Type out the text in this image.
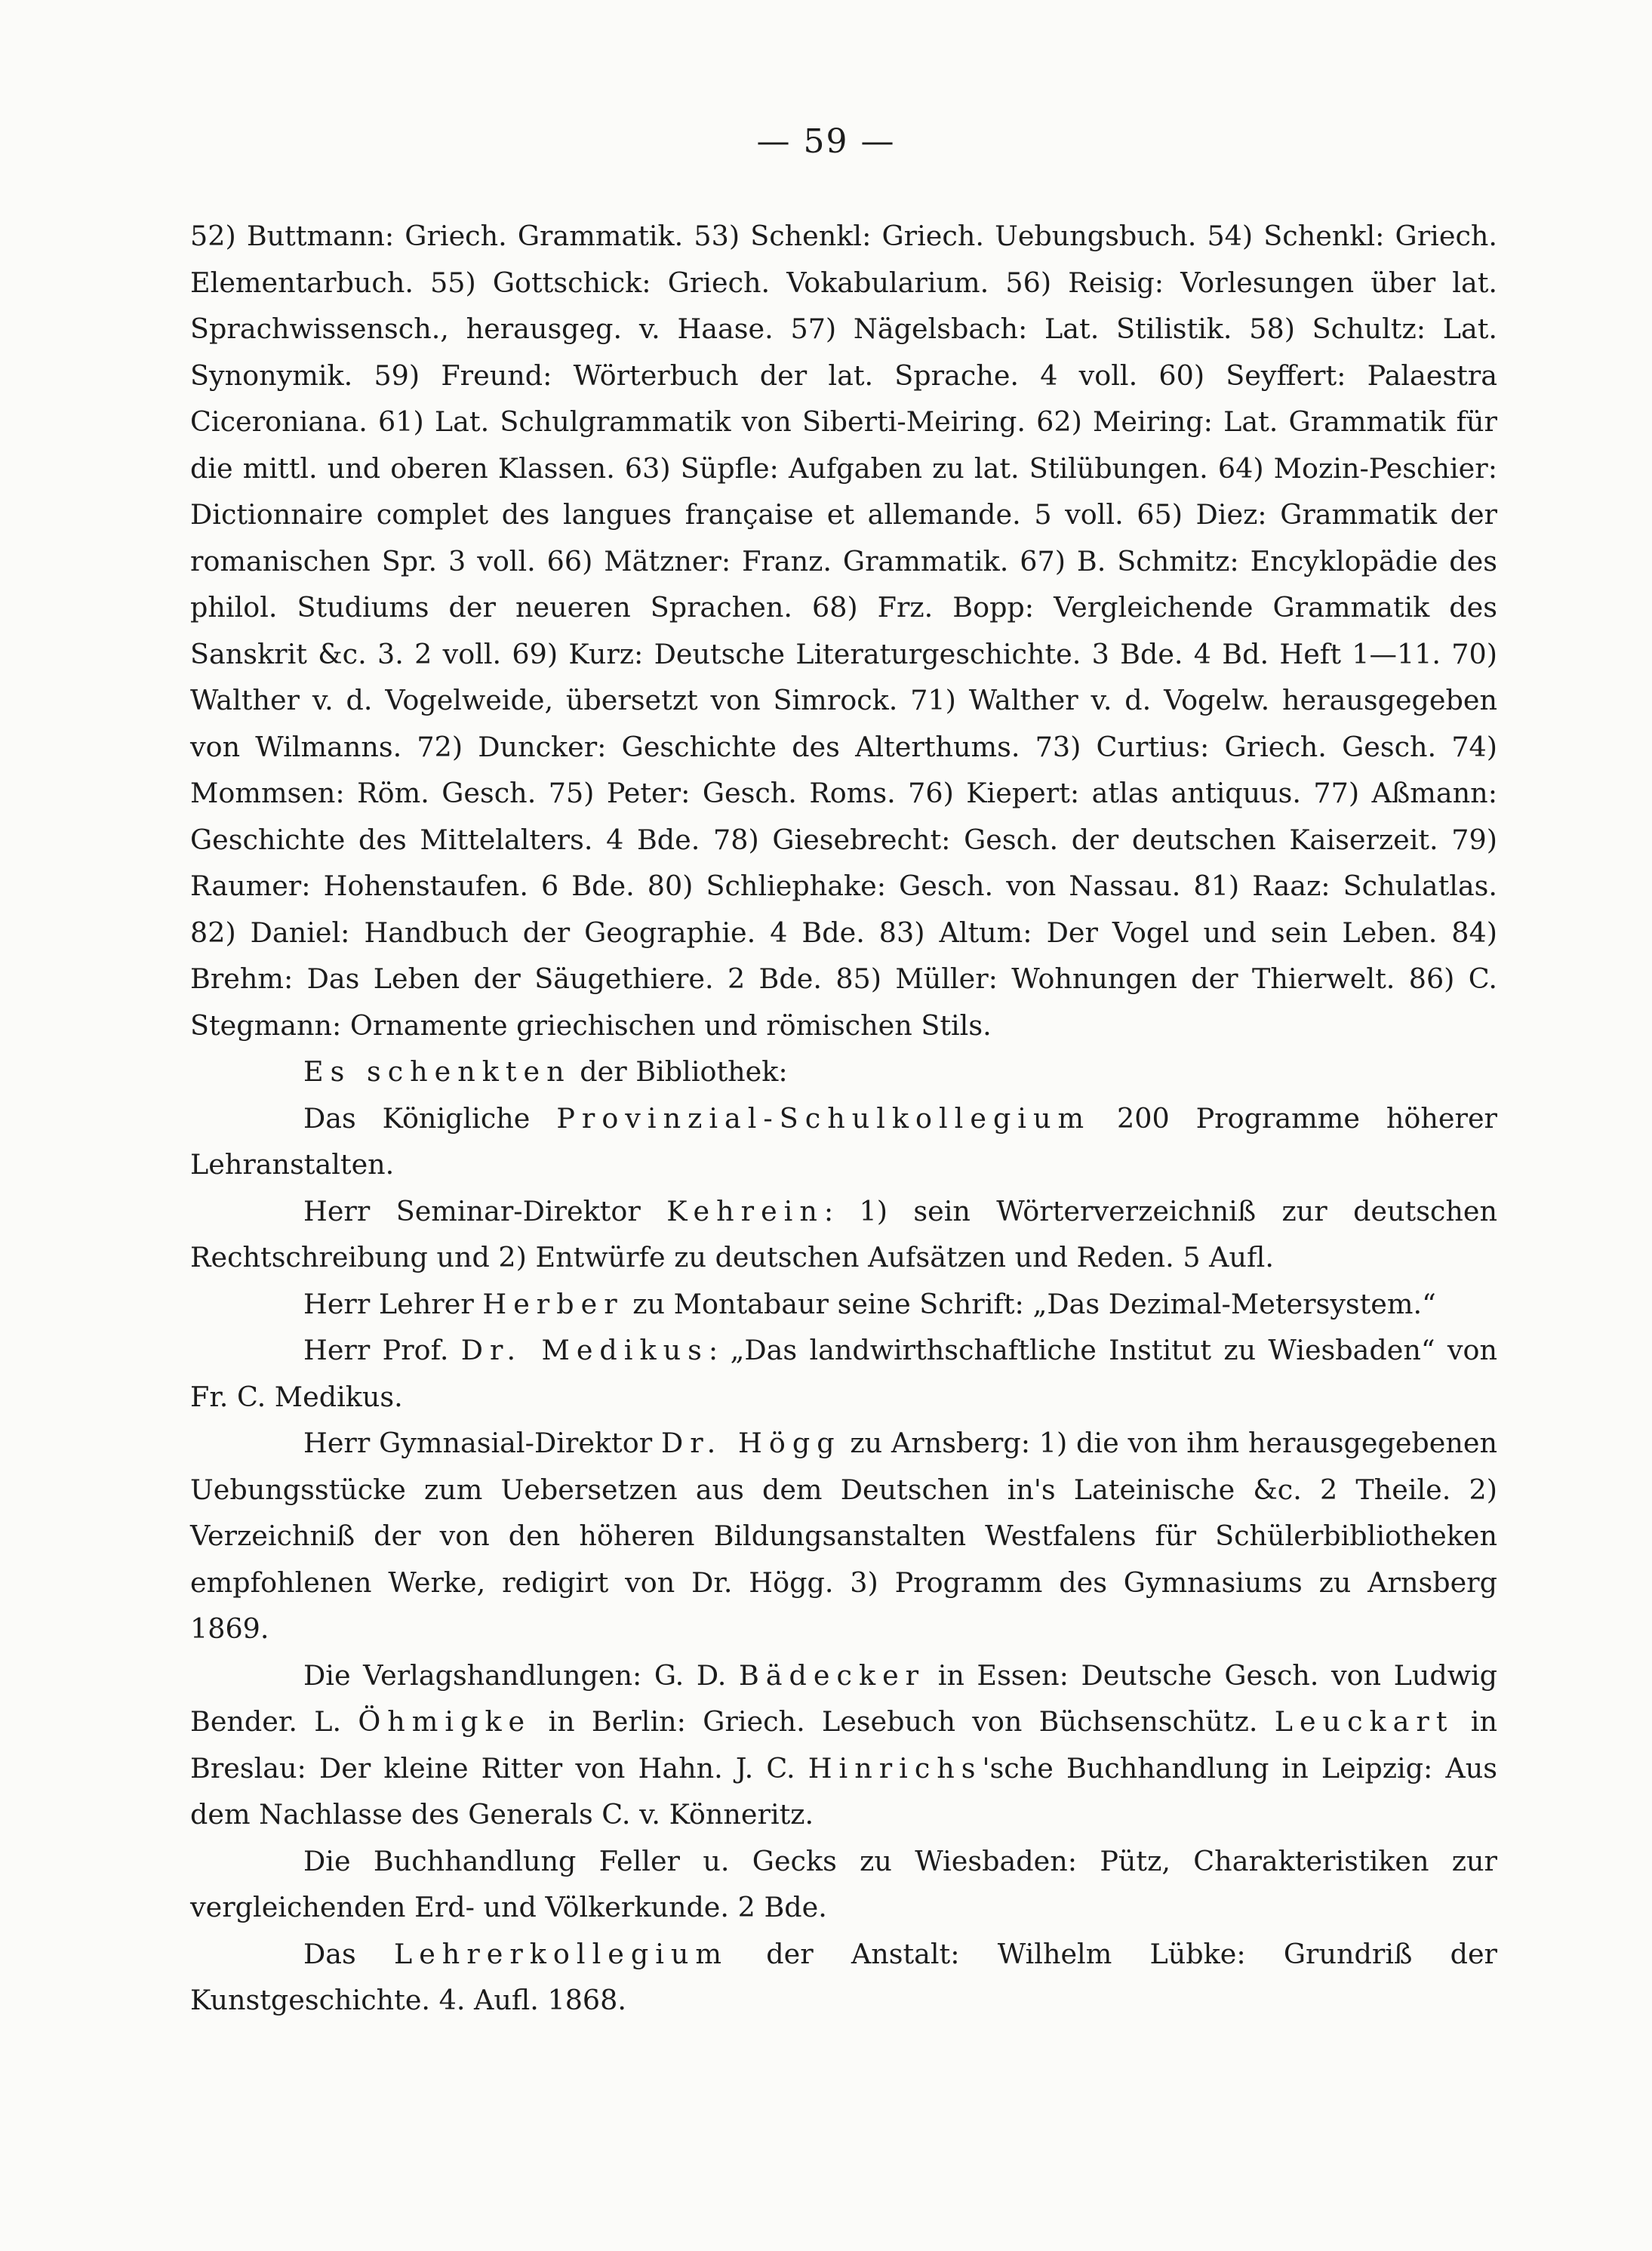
— 59 —

52) Buttmann: Griech. Grammatik. 53) Schenkl: Griech. Uebungsbuch. 54) Schenkl: Griech. Elementarbuch. 55) Gottschick: Griech. Vokabularium. 56) Reisig: Vorlesungen über lat. Sprachwissensch., herausgeg. v. Haase. 57) Nägelsbach: Lat. Stilistik. 58) Schultz: Lat. Synonymik. 59) Freund: Wörterbuch der lat. Sprache. 4 voll. 60) Seyffert: Palaestra Ciceroniana. 61) Lat. Schulgrammatik von Siberti-Meiring. 62) Meiring: Lat. Grammatik für die mittl. und oberen Klassen. 63) Süpfle: Aufgaben zu lat. Stilübungen. 64) Mozin-Peschier: Dictionnaire complet des langues française et allemande. 5 voll. 65) Diez: Grammatik der romanischen Spr. 3 voll. 66) Mätzner: Franz. Grammatik. 67) B. Schmitz: Encyklopädie des philol. Studiums der neueren Sprachen. 68) Frz. Bopp: Vergleichende Grammatik des Sanskrit &c. 3. 2 voll. 69) Kurz: Deutsche Literaturgeschichte. 3 Bde. 4 Bd. Heft 1—11. 70) Walther v. d. Vogelweide, übersetzt von Simrock. 71) Walther v. d. Vogelw. herausgegeben von Wilmanns. 72) Duncker: Geschichte des Alterthums. 73) Curtius: Griech. Gesch. 74) Mommsen: Röm. Gesch. 75) Peter: Gesch. Roms. 76) Kiepert: atlas antiquus. 77) Aßmann: Geschichte des Mittelalters. 4 Bde. 78) Giesebrecht: Gesch. der deutschen Kaiserzeit. 79) Raumer: Hohenstaufen. 6 Bde. 80) Schliephake: Gesch. von Nassau. 81) Raaz: Schulatlas. 82) Daniel: Handbuch der Geographie. 4 Bde. 83) Altum: Der Vogel und sein Leben. 84) Brehm: Das Leben der Säugethiere. 2 Bde. 85) Müller: Wohnungen der Thierwelt. 86) C. Stegmann: Ornamente griechischen und römischen Stils.

Es schenkten der Bibliothek:

Das Königliche Provinzial-Schulkollegium 200 Programme höherer Lehranstalten.

Herr Seminar-Direktor Kehrein: 1) sein Wörterverzeichniß zur deutschen Rechtschreibung und 2) Entwürfe zu deutschen Aufsätzen und Reden. 5 Aufl.

Herr Lehrer Herber zu Montabaur seine Schrift: „Das Dezimal-Metersystem.“

Herr Prof. Dr. Medikus: „Das landwirthschaftliche Institut zu Wiesbaden“ von Fr. C. Medikus.

Herr Gymnasial-Direktor Dr. Högg zu Arnsberg: 1) die von ihm herausgegebenen Uebungsstücke zum Uebersetzen aus dem Deutschen in's Lateinische &c. 2 Theile. 2) Verzeichniß der von den höheren Bildungsanstalten Westfalens für Schülerbibliotheken empfohlenen Werke, redigirt von Dr. Högg. 3) Programm des Gymnasiums zu Arnsberg 1869.

Die Verlagshandlungen: G. D. Bädecker in Essen: Deutsche Gesch. von Ludwig Bender. L. Öhmigke in Berlin: Griech. Lesebuch von Büchsenschütz. Leuckart in Breslau: Der kleine Ritter von Hahn. J. C. Hinrichs'sche Buchhandlung in Leipzig: Aus dem Nachlasse des Generals C. v. Könneritz.

Die Buchhandlung Feller u. Gecks zu Wiesbaden: Pütz, Charakteristiken zur vergleichenden Erd- und Völkerkunde. 2 Bde.

Das Lehrerkollegium der Anstalt: Wilhelm Lübke: Grundriß der Kunstgeschichte. 4. Aufl. 1868.
